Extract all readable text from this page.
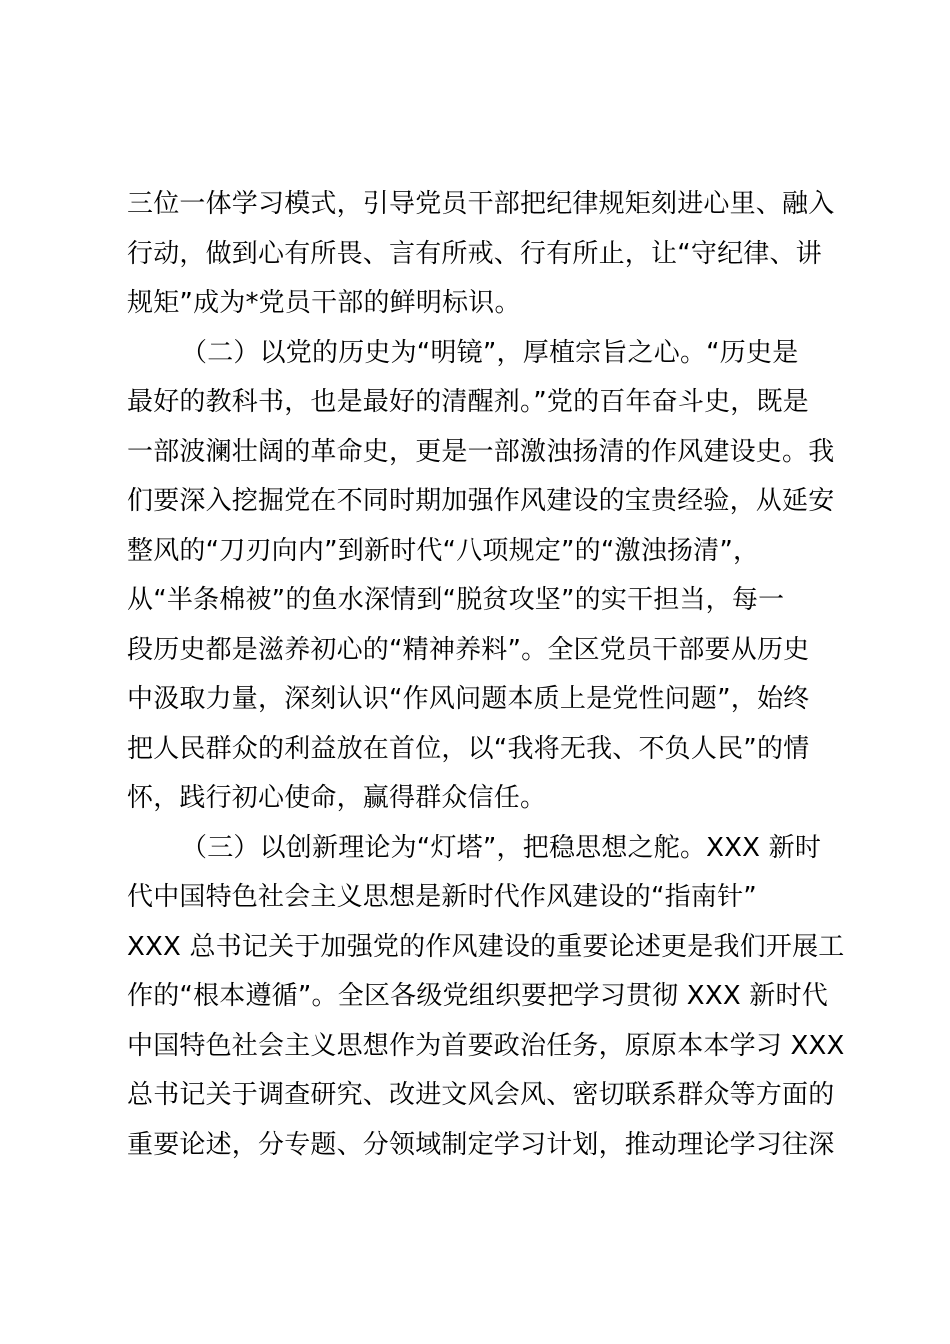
三位一体学习模式，引导党员干部把纪律规矩刻进心里、融入
行动，做到心有所畏、言有所戒、行有所止，让“守纪律、讲
规矩”成为*党员干部的鲜明标识。
（二）以党的历史为“明镜”，厚植宗旨之心。“历史是
最好的教科书，也是最好的清醒剂。”党的百年奋斗史，既是
一部波澜壮阔的革命史，更是一部激浊扬清的作风建设史。我
们要深入挖掘党在不同时期加强作风建设的宝贵经验，从延安
整风的“刀刃向内”到新时代“八项规定”的“激浊扬清”，
从“半条棉被”的鱼水深情到“脱贫攻坚”的实干担当，每一
段历史都是滋养初心的“精神养料”。全区党员干部要从历史
中汲取力量，深刻认识“作风问题本质上是党性问题”，始终
把人民群众的利益放在首位，以“我将无我、不负人民”的情
怀，践行初心使命，赢得群众信任。
（三）以创新理论为“灯塔”，把稳思想之舵。XXX 新时
代中国特色社会主义思想是新时代作风建设的“指南针”
XXX 总书记关于加强党的作风建设的重要论述更是我们开展工
作的“根本遵循”。全区各级党组织要把学习贯彻 XXX 新时代
中国特色社会主义思想作为首要政治任务，原原本本学习 XXX
总书记关于调查研究、改进文风会风、密切联系群众等方面的
重要论述，分专题、分领域制定学习计划，推动理论学习往深
